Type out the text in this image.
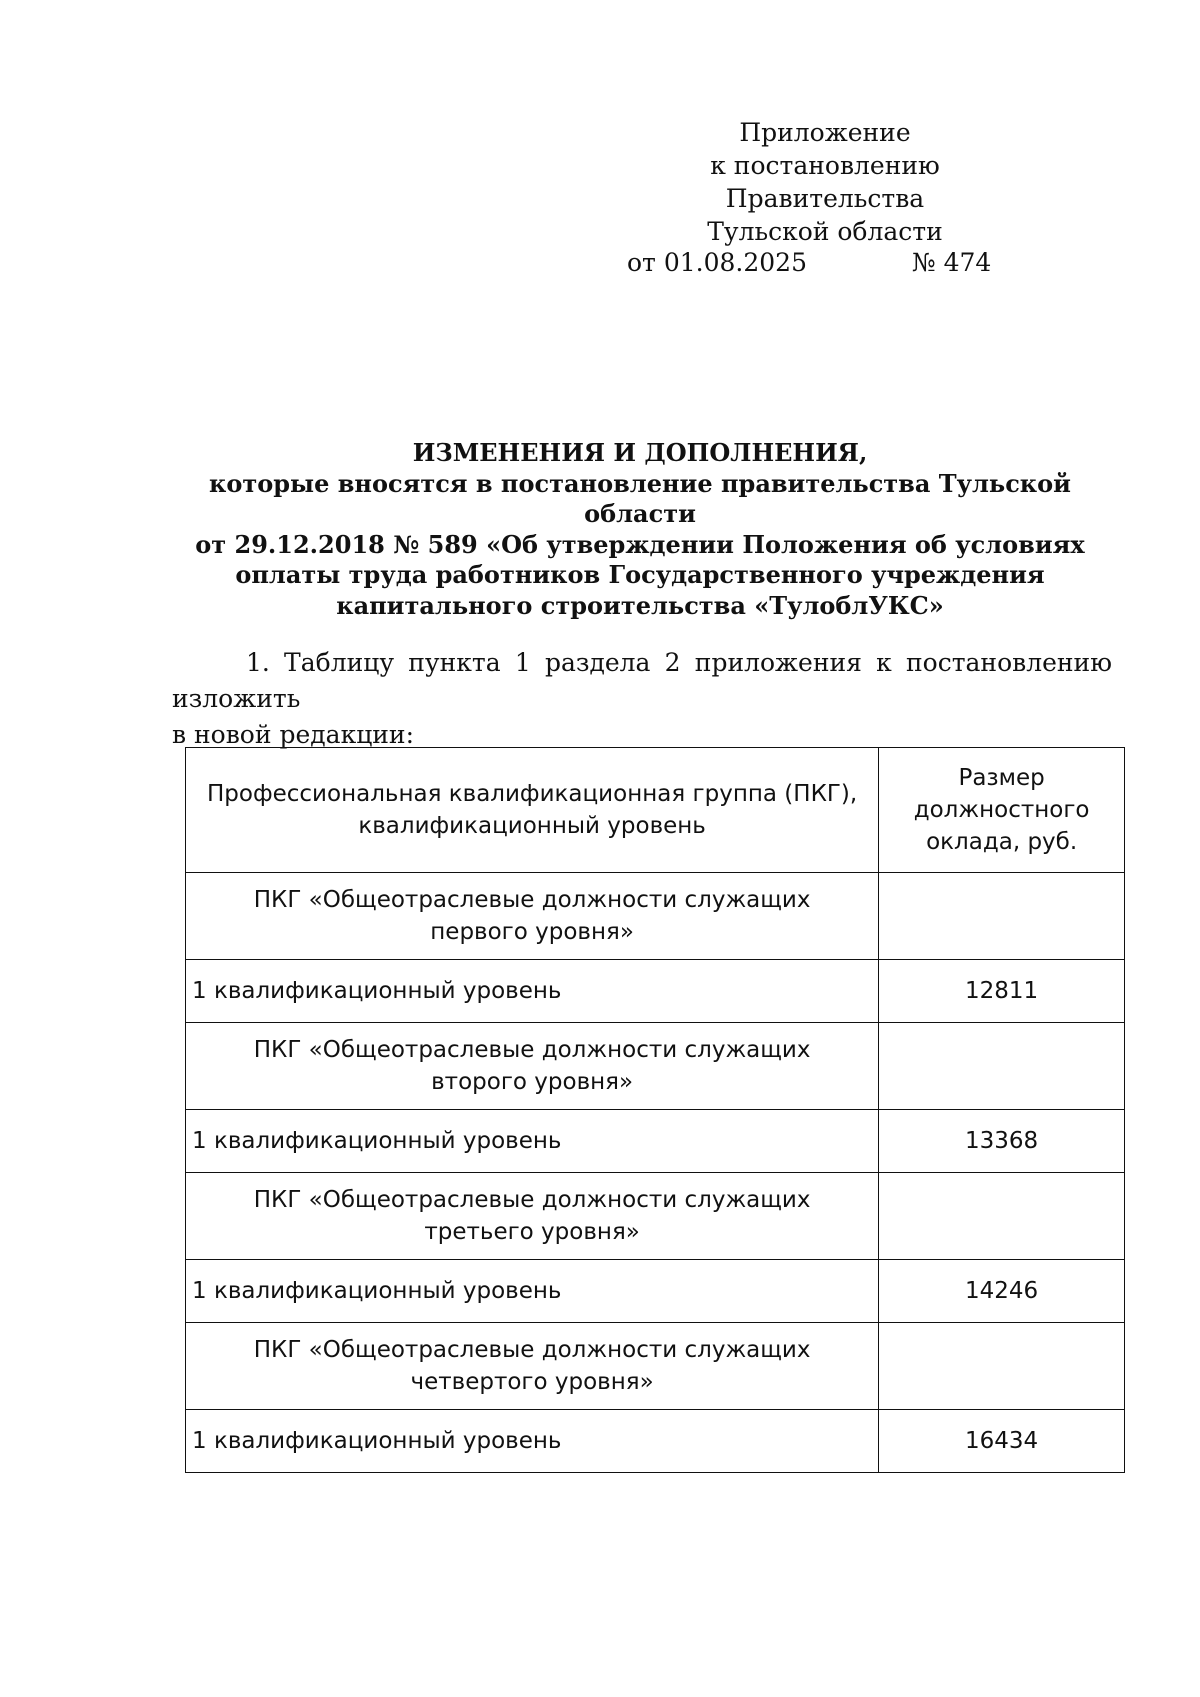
Приложение
к постановлению Правительства
Тульской области
от 01.08.2025	№ 474
ИЗМЕНЕНИЯ И ДОПОЛНЕНИЯ,
которые вносятся в постановление правительства Тульской области
от 29.12.2018 № 589 «Об утверждении Положения об условиях
оплаты труда работников Государственного учреждения
капитального строительства «ТулоблУКС»
1. Таблицу пункта 1 раздела 2 приложения к постановлению изложить
в новой редакции:
Профессиональная квалификационная группа (ПКГ),
квалификационный уровень	Размер
должностного
оклада, руб.

ПКГ «Общеотраслевые должности служащих
первого уровня»	

1 квалификационный уровень	12811

ПКГ «Общеотраслевые должности служащих
второго уровня»	

1 квалификационный уровень	13368

ПКГ «Общеотраслевые должности служащих
третьего уровня»	

1 квалификационный уровень	14246

ПКГ «Общеотраслевые должности служащих
четвертого уровня»	

1 квалификационный уровень	16434
